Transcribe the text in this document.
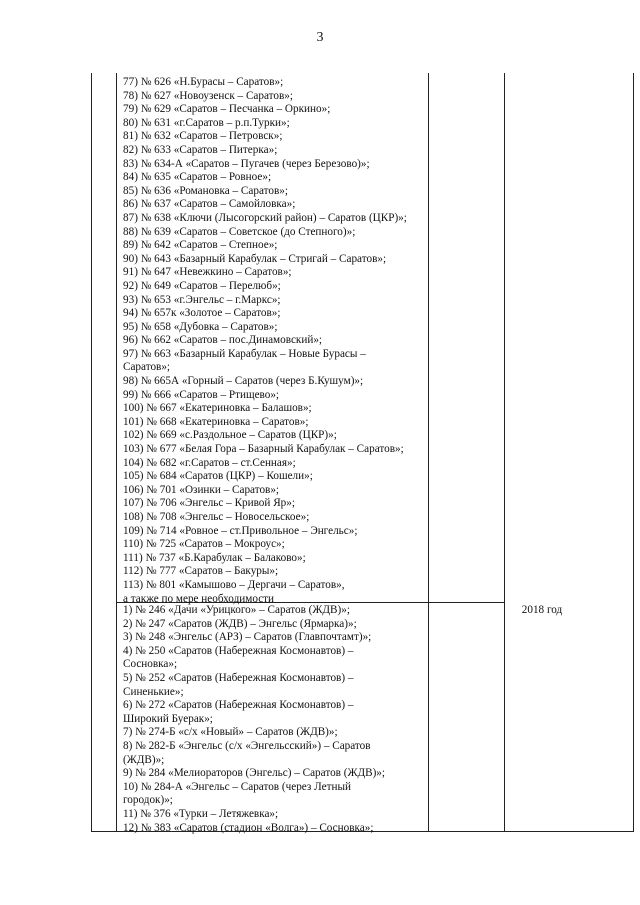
3
77) № 626 «Н.Бурасы – Саратов»;
78) № 627 «Новоузенск – Саратов»;
79) № 629 «Саратов – Песчанка – Оркино»;
80) № 631 «г.Саратов – р.п.Турки»;
81) № 632 «Саратов – Петровск»;
82) № 633 «Саратов – Питерка»;
83) № 634-А «Саратов – Пугачев (через Березово)»;
84) № 635 «Саратов – Ровное»;
85) № 636 «Романовка – Саратов»;
86) № 637 «Саратов – Самойловка»;
87) № 638 «Ключи (Лысогорский район) – Саратов (ЦКР)»;
88) № 639 «Саратов – Советское (до Степного)»;
89) № 642 «Саратов – Степное»;
90) № 643 «Базарный Карабулак – Стригай – Саратов»;
91) № 647 «Невежкино – Саратов»;
92) № 649 «Саратов – Перелюб»;
93) № 653 «г.Энгельс – г.Маркс»;
94) № 657к «Золотое – Саратов»;
95) № 658 «Дубовка – Саратов»;
96) № 662 «Саратов – пос.Динамовский»;
97) № 663 «Базарный Карабулак – Новые Бурасы –
Саратов»;
98) № 665А «Горный – Саратов (через Б.Кушум)»;
99) № 666 «Саратов – Ртищево»;
100) № 667 «Екатериновка – Балашов»;
101) № 668 «Екатериновка – Саратов»;
102) № 669 «с.Раздольное – Саратов (ЦКР)»;
103) № 677 «Белая Гора – Базарный Карабулак – Саратов»;
104) № 682 «г.Саратов – ст.Сенная»;
105) № 684 «Саратов (ЦКР) – Кошели»;
106) № 701 «Озинки – Саратов»;
107) № 706 «Энгельс – Кривой Яр»;
108) № 708 «Энгельс – Новосельское»;
109) № 714 «Ровное – ст.Привольное – Энгельс»;
110) № 725 «Саратов – Мокроус»;
111) № 737 «Б.Карабулак – Балаково»;
112) № 777 «Саратов – Бакуры»;
113) № 801 «Камышово – Дергачи – Саратов»,
а также по мере необходимости
1) № 246 «Дачи «Урицкого» – Саратов (ЖДВ)»;
2) № 247 «Саратов (ЖДВ) – Энгельс (Ярмарка)»;
3) № 248 «Энгельс (АРЗ) – Саратов (Главпочтамт)»;
4) № 250 «Саратов (Набережная Космонавтов) –
Сосновка»;
5) № 252 «Саратов (Набережная Космонавтов) –
Синенькие»;
6) № 272 «Саратов (Набережная Космонавтов) –
Широкий Буерак»;
7) № 274-Б «с/х «Новый» – Саратов (ЖДВ)»;
8) № 282-Б «Энгельс (с/х «Энгельсский») – Саратов
(ЖДВ)»;
9) № 284 «Мелиораторов (Энгельс) – Саратов (ЖДВ)»;
10) № 284-А «Энгельс – Саратов (через Летный
городок)»;
11) № 376 «Турки – Летяжевка»;
12) № 383 «Саратов (стадион «Волга») – Сосновка»;
2018 год
